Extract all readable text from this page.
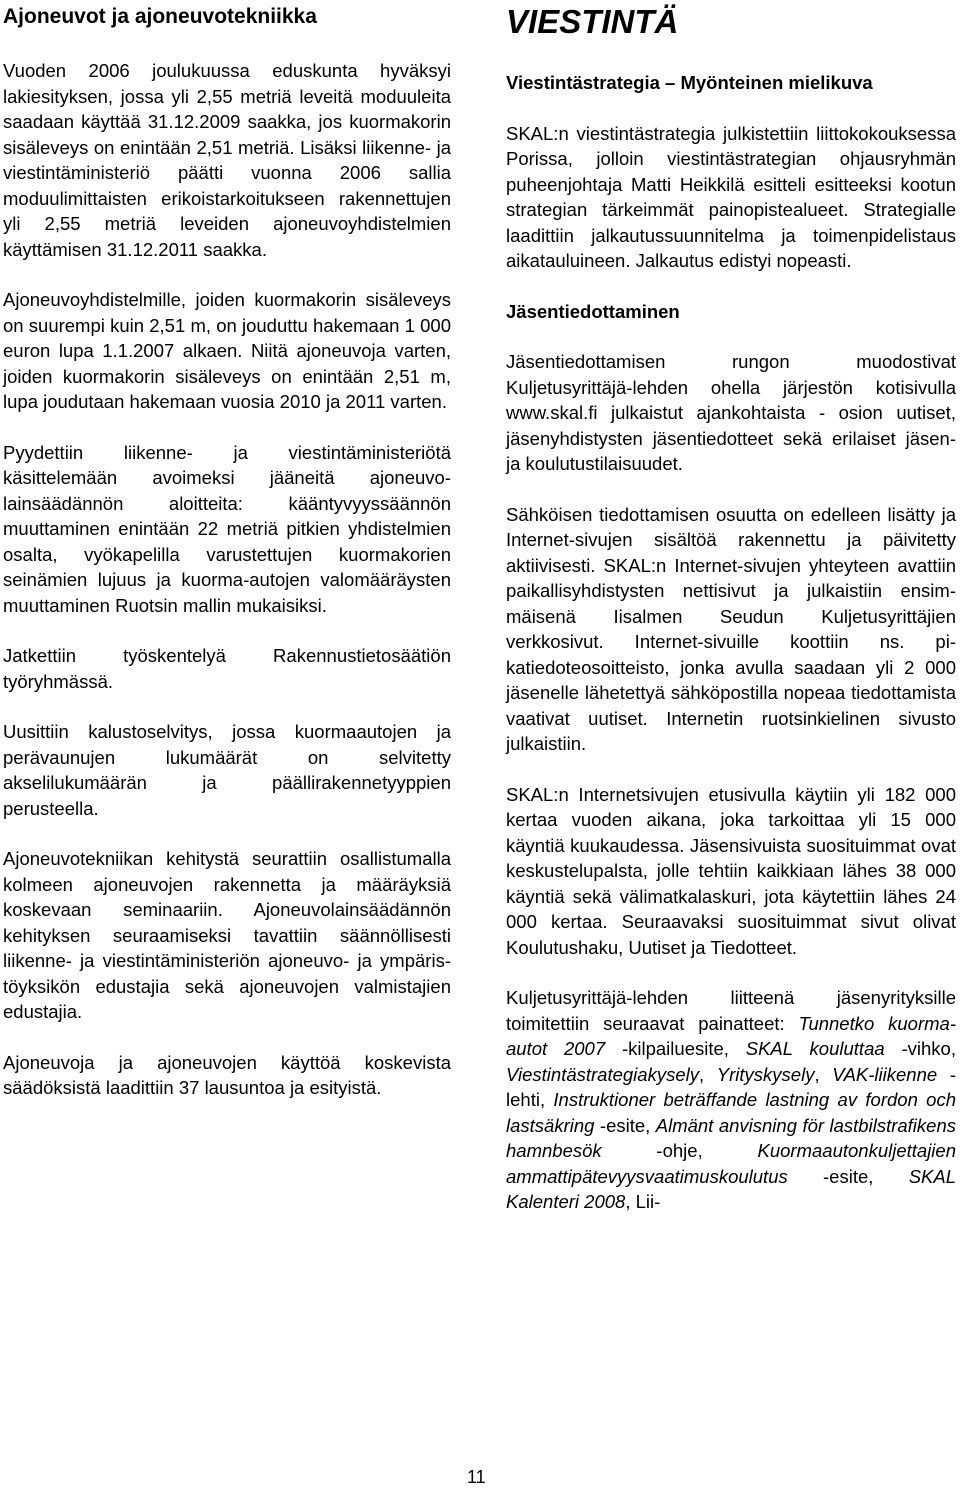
Ajoneuvot ja ajoneuvotekniikka

Vuoden 2006 joulukuussa eduskunta hyväksyi lakiesityksen, jossa yli 2,55 metriä leveitä moduuleita saadaan käyttää 31.12.2009 saakka, jos kuormakorin sisäleveys on enintään 2,51 metriä. Lisäksi liikenne- ja viestintäministeriö päätti vuonna 2006 sallia moduulimittaisten erikoistarkoitukseen rakennettujen yli 2,55 metriä leveiden ajoneuvoyhdistelmien käyttämisen 31.12.2011 saakka.

Ajoneuvoyhdistelmille, joiden kuormakorin sisäleveys on suurempi kuin 2,51 m, on jouduttu hakemaan 1 000 euron lupa 1.1.2007 alkaen. Niitä ajoneuvoja varten, joiden kuormakorin sisäleveys on enintään 2,51 m, lupa joudutaan hakemaan vuosia 2010 ja 2011 varten.

Pyydettiin liikenne- ja viestintäministeriötä käsittelemään avoimeksi jääneitä ajoneuvolainsäädännön aloitteita: kääntyvyyssäännön muuttaminen enintään 22 metriä pitkien yhdistelmien osalta, vyökapelilla varustettujen kuormakorien seinämien lujuus ja kuorma-autojen valomääräysten muuttaminen Ruotsin mallin mukaisiksi.

Jatkettiin työskentelyä Rakennustietosäätiön työryhmässä.

Uusittiin kalustoselvitys, jossa kuormaautojen ja perävaunujen lukumäärät on selvitetty akselilukumäärän ja päällirakennetyyppien perusteella.

Ajoneuvotekniikan kehitystä seurattiin osallistumalla kolmeen ajoneuvojen rakennetta ja määräyksiä koskevaan seminaariin. Ajoneuvolainsäädännön kehityksen seuraamiseksi tavattiin säännöllisesti liikenne- ja viestintäministeriön ajoneuvo- ja ympäristöyksikön edustajia sekä ajoneuvojen valmistajien edustajia.

Ajoneuvoja ja ajoneuvojen käyttöä koskevista säädöksistä laadittiin 37 lausuntoa ja esityistä.

VIESTINTÄ

Viestintästrategia – Myönteinen mielikuva

SKAL:n viestintästrategia julkistettiin liittokokouksessa Porissa, jolloin viestintästrategian ohjausryhmän puheenjohtaja Matti Heikkilä esitteli esitteeksi kootun strategian tärkeimmät painopistealueet. Strategialle laadittiin jalkautussuunnitelma ja toimenpidelistaus aikatauluineen. Jalkautus edistyi nopeasti.

Jäsentiedottaminen

Jäsentiedottamisen rungon muodostivat Kuljetusyrittäjä-lehden ohella järjestön kotisivulla www.skal.fi julkaistut ajankohtaista - osion uutiset, jäsenyhdistysten jäsentiedotteet sekä erilaiset jäsen- ja koulutustilaisuudet.

Sähköisen tiedottamisen osuutta on edelleen lisätty ja Internet-sivujen sisältöä rakennettu ja päivitetty aktiivisesti. SKAL:n Internet-sivujen yhteyteen avattiin paikallisyhdistysten nettisivut ja julkaistiin ensimmäisenä Iisalmen Seudun Kuljetusyrittäjien verkkosivut. Internet-sivuille koottiin ns. pikatiedoteosoitteisto, jonka avulla saadaan yli 2 000 jäsenelle lähetettyä sähköpostilla nopeaa tiedottamista vaativat uutiset. Internetin ruotsinkielinen sivusto julkaistiin.

SKAL:n Internetsivujen etusivulla käytiin yli 182 000 kertaa vuoden aikana, joka tarkoittaa yli 15 000 käyntiä kuukaudessa. Jäsensivuista suosituimmat ovat keskustelupalsta, jolle tehtiin kaikkiaan lähes 38 000 käyntiä sekä välimatkalaskuri, jota käytettiin lähes 24 000 kertaa. Seuraavaksi suosituimmat sivut olivat Koulutushaku, Uutiset ja Tiedotteet.

Kuljetusyrittäjä-lehden liitteenä jäsenyrityksille toimitettiin seuraavat painatteet: Tunnetko kuorma-autot 2007 -kilpailuesite, SKAL kouluttaa -vihko, Viestintästrategiakysely, Yrityskysely, VAK-liikenne -lehti, Instruktioner beträffande lastning av fordon och lastsäkring -esite, Almänt anvisning för lastbilstrafikens hamnbesök -ohje, Kuormaautonkuljettajien ammattipätevyysvaatimuskoulutus -esite, SKAL Kalenteri 2008, Lii-

11
